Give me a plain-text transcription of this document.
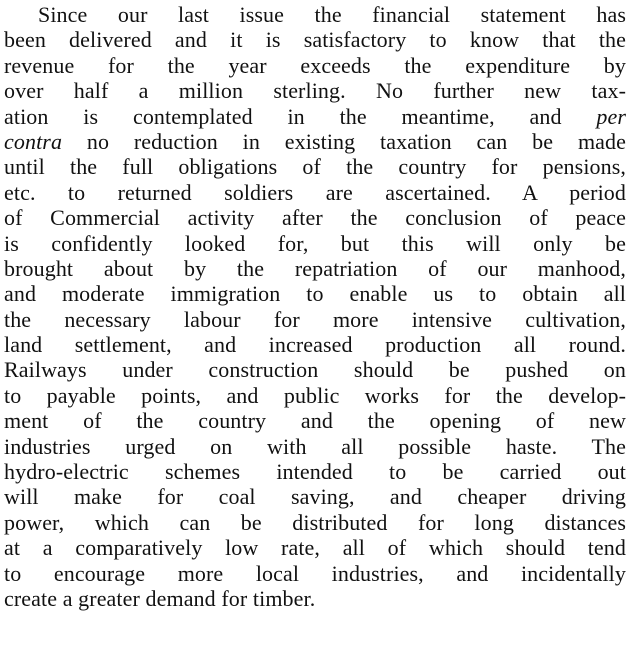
Since our last issue the financial statement has
been delivered and it is satisfactory to know that the
revenue for the year exceeds the expenditure by
over half a million sterling. No further new tax-
ation is contemplated in the meantime, and per
contra no reduction in existing taxation can be made
until the full obligations of the country for pensions,
etc. to returned soldiers are ascertained. A period
of Commercial activity after the conclusion of peace
is confidently looked for, but this will only be
brought about by the repatriation of our manhood,
and moderate immigration to enable us to obtain all
the necessary labour for more intensive cultivation,
land settlement, and increased production all round.
Railways under construction should be pushed on
to payable points, and public works for the develop-
ment of the country and the opening of new
industries urged on with all possible haste. The
hydro-electric schemes intended to be carried out
will make for coal saving, and cheaper driving
power, which can be distributed for long distances
at a comparatively low rate, all of which should tend
to encourage more local industries, and incidentally
create a greater demand for timber.
